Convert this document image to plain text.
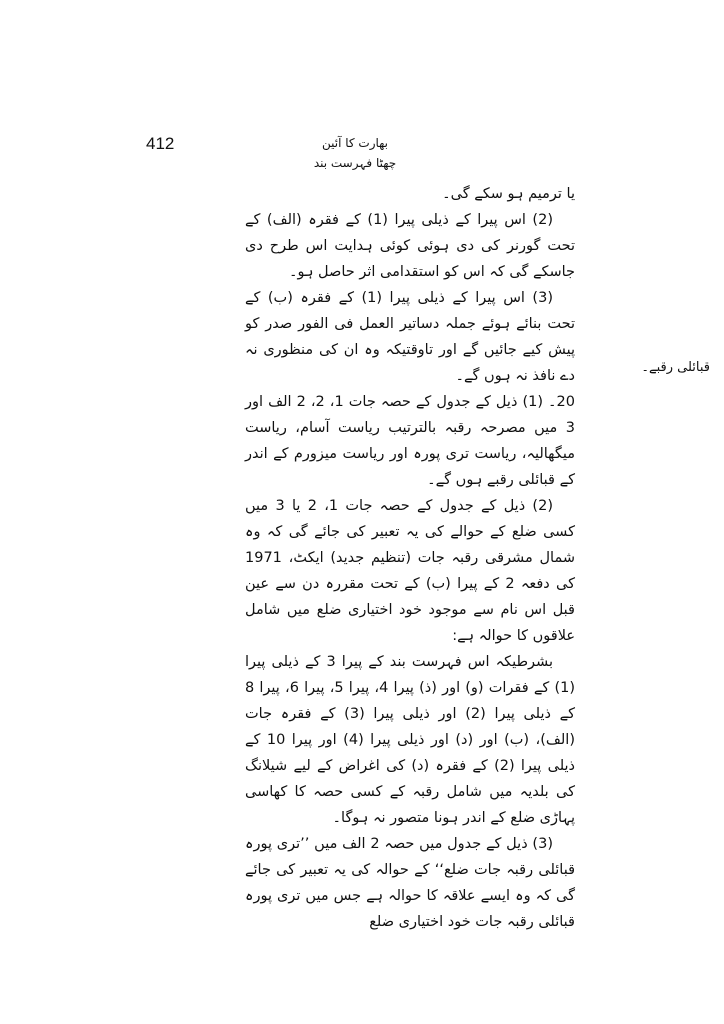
412	بھارت کا آئین
چھٹا فہرست بند
قبائلی رقبے۔

یا ترمیم ہو سکے گی۔

(2) اس پیرا کے ذیلی پیرا (1) کے فقرہ (الف) کے تحت گورنر کی دی ہوئی کوئی ہدایت اس طرح دی جاسکے گی کہ اس کو استقدامی اثر حاصل ہو۔

(3) اس پیرا کے ذیلی پیرا (1) کے فقرہ (ب) کے تحت بنائے ہوئے جملہ دساتیر العمل فی الفور صدر کو پیش کیے جائیں گے اور تاوقتیکہ وہ ان کی منظوری نہ دے نافذ نہ ہوں گے۔

20۔ (1) ذیل کے جدول کے حصہ جات 1، 2، 2 الف اور 3 میں مصرحہ رقبہ بالترتیب ریاست آسام، ریاست میگھالیہ، ریاست تری پورہ اور ریاست میزورم کے اندر کے قبائلی رقبے ہوں گے۔

(2) ذیل کے جدول کے حصہ جات 1، 2 یا 3 میں کسی ضلع کے حوالے کی یہ تعبیر کی جائے گی کہ وہ شمال مشرقی رقبہ جات (تنظیم جدید) ایکٹ، 1971 کی دفعہ 2 کے پیرا (ب) کے تحت مقررہ دن سے عین قبل اس نام سے موجود خود اختیاری ضلع میں شامل علاقوں کا حوالہ ہے:

بشرطیکہ اس فہرست بند کے پیرا 3 کے ذیلی پیرا (1) کے فقرات (و) اور (ذ) پیرا 4، پیرا 5، پیرا 6، پیرا 8 کے ذیلی پیرا (2) اور ذیلی پیرا (3) کے فقرہ جات (الف)، (ب) اور (د) اور ذیلی پیرا (4) اور پیرا 10 کے ذیلی پیرا (2) کے فقرہ (د) کی اغراض کے لیے شیلانگ کی بلدیہ میں شامل رقبہ کے کسی حصہ کا کھاسی پہاڑی ضلع کے اندر ہونا متصور نہ ہوگا۔

(3) ذیل کے جدول میں حصہ 2 الف میں ’’تری پورہ قبائلی رقبہ جات ضلع‘‘ کے حوالہ کی یہ تعبیر کی جائے گی کہ وہ ایسے علاقہ کا حوالہ ہے جس میں تری پورہ قبائلی رقبہ جات خود اختیاری ضلع
